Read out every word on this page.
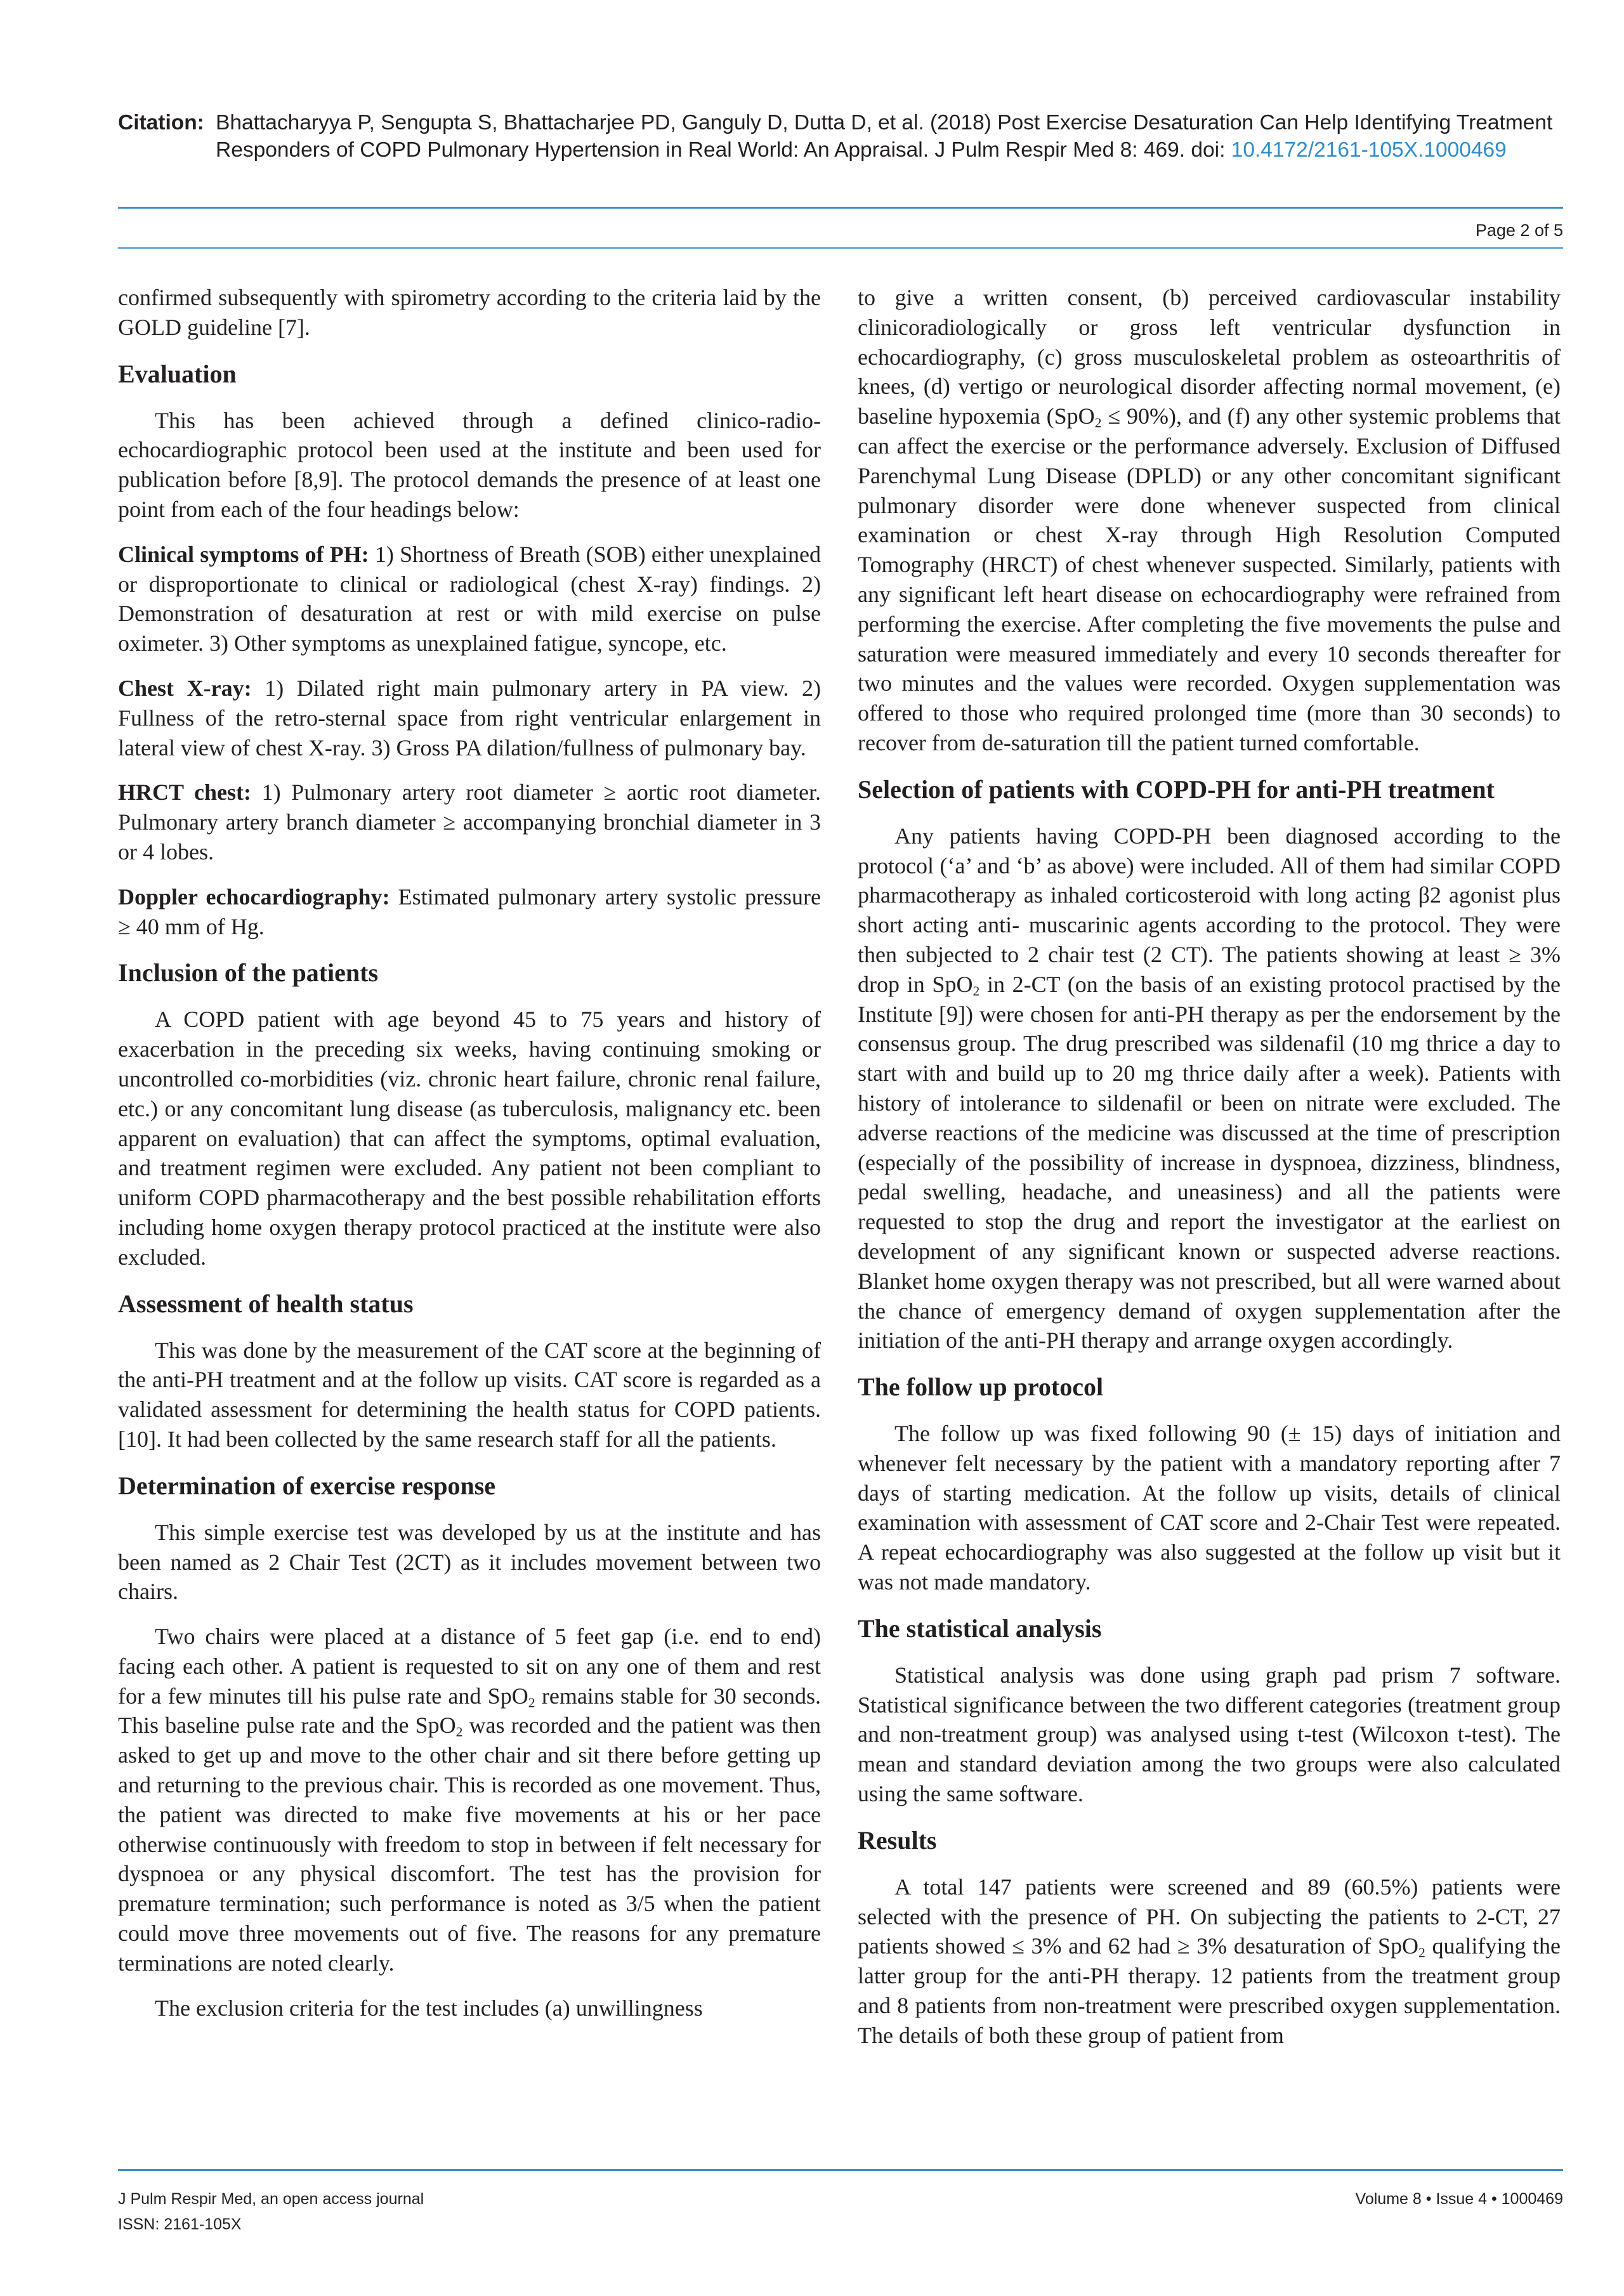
Citation: Bhattacharyya P, Sengupta S, Bhattacharjee PD, Ganguly D, Dutta D, et al. (2018) Post Exercise Desaturation Can Help Identifying Treatment Responders of COPD Pulmonary Hypertension in Real World: An Appraisal. J Pulm Respir Med 8: 469. doi: 10.4172/2161-105X.1000469
Page 2 of 5

confirmed subsequently with spirometry according to the criteria laid by the GOLD guideline [7].

Evaluation

This has been achieved through a defined clinico-radio-echocardiographic protocol been used at the institute and been used for publication before [8,9]. The protocol demands the presence of at least one point from each of the four headings below:

Clinical symptoms of PH: 1) Shortness of Breath (SOB) either unexplained or disproportionate to clinical or radiological (chest X-ray) findings. 2) Demonstration of desaturation at rest or with mild exercise on pulse oximeter. 3) Other symptoms as unexplained fatigue, syncope, etc.

Chest X-ray: 1) Dilated right main pulmonary artery in PA view. 2) Fullness of the retro-sternal space from right ventricular enlargement in lateral view of chest X-ray. 3) Gross PA dilation/fullness of pulmonary bay.

HRCT chest: 1) Pulmonary artery root diameter ≥ aortic root diameter. Pulmonary artery branch diameter ≥ accompanying bronchial diameter in 3 or 4 lobes.

Doppler echocardiography: Estimated pulmonary artery systolic pressure ≥ 40 mm of Hg.

Inclusion of the patients

A COPD patient with age beyond 45 to 75 years and history of exacerbation in the preceding six weeks, having continuing smoking or uncontrolled co-morbidities (viz. chronic heart failure, chronic renal failure, etc.) or any concomitant lung disease (as tuberculosis, malignancy etc. been apparent on evaluation) that can affect the symptoms, optimal evaluation, and treatment regimen were excluded. Any patient not been compliant to uniform COPD pharmacotherapy and the best possible rehabilitation efforts including home oxygen therapy protocol practiced at the institute were also excluded.

Assessment of health status

This was done by the measurement of the CAT score at the beginning of the anti-PH treatment and at the follow up visits. CAT score is regarded as a validated assessment for determining the health status for COPD patients. [10]. It had been collected by the same research staff for all the patients.

Determination of exercise response

This simple exercise test was developed by us at the institute and has been named as 2 Chair Test (2CT) as it includes movement between two chairs.

Two chairs were placed at a distance of 5 feet gap (i.e. end to end) facing each other. A patient is requested to sit on any one of them and rest for a few minutes till his pulse rate and SpO$_2$ remains stable for 30 seconds. This baseline pulse rate and the SpO$_2$ was recorded and the patient was then asked to get up and move to the other chair and sit there before getting up and returning to the previous chair. This is recorded as one movement. Thus, the patient was directed to make five movements at his or her pace otherwise continuously with freedom to stop in between if felt necessary for dyspnoea or any physical discomfort. The test has the provision for premature termination; such performance is noted as 3/5 when the patient could move three movements out of five. The reasons for any premature terminations are noted clearly.

The exclusion criteria for the test includes (a) unwillingness

to give a written consent, (b) perceived cardiovascular instability clinicoradiologically or gross left ventricular dysfunction in echocardiography, (c) gross musculoskeletal problem as osteoarthritis of knees, (d) vertigo or neurological disorder affecting normal movement, (e) baseline hypoxemia (SpO$_2$ ≤ 90%), and (f) any other systemic problems that can affect the exercise or the performance adversely. Exclusion of Diffused Parenchymal Lung Disease (DPLD) or any other concomitant significant pulmonary disorder were done whenever suspected from clinical examination or chest X-ray through High Resolution Computed Tomography (HRCT) of chest whenever suspected. Similarly, patients with any significant left heart disease on echocardiography were refrained from performing the exercise. After completing the five movements the pulse and saturation were measured immediately and every 10 seconds thereafter for two minutes and the values were recorded. Oxygen supplementation was offered to those who required prolonged time (more than 30 seconds) to recover from de-saturation till the patient turned comfortable.

Selection of patients with COPD-PH for anti-PH treatment

Any patients having COPD-PH been diagnosed according to the protocol (‘a’ and ‘b’ as above) were included. All of them had similar COPD pharmacotherapy as inhaled corticosteroid with long acting β2 agonist plus short acting anti- muscarinic agents according to the protocol. They were then subjected to 2 chair test (2 CT). The patients showing at least ≥ 3% drop in SpO$_2$ in 2-CT (on the basis of an existing protocol practised by the Institute [9]) were chosen for anti-PH therapy as per the endorsement by the consensus group. The drug prescribed was sildenafil (10 mg thrice a day to start with and build up to 20 mg thrice daily after a week). Patients with history of intolerance to sildenafil or been on nitrate were excluded. The adverse reactions of the medicine was discussed at the time of prescription (especially of the possibility of increase in dyspnoea, dizziness, blindness, pedal swelling, headache, and uneasiness) and all the patients were requested to stop the drug and report the investigator at the earliest on development of any significant known or suspected adverse reactions. Blanket home oxygen therapy was not prescribed, but all were warned about the chance of emergency demand of oxygen supplementation after the initiation of the anti-PH therapy and arrange oxygen accordingly.

The follow up protocol

The follow up was fixed following 90 (± 15) days of initiation and whenever felt necessary by the patient with a mandatory reporting after 7 days of starting medication. At the follow up visits, details of clinical examination with assessment of CAT score and 2-Chair Test were repeated. A repeat echocardiography was also suggested at the follow up visit but it was not made mandatory.

The statistical analysis

Statistical analysis was done using graph pad prism 7 software. Statistical significance between the two different categories (treatment group and non-treatment group) was analysed using t-test (Wilcoxon t-test). The mean and standard deviation among the two groups were also calculated using the same software.

Results

A total 147 patients were screened and 89 (60.5%) patients were selected with the presence of PH. On subjecting the patients to 2-CT, 27 patients showed ≤ 3% and 62 had ≥ 3% desaturation of SpO$_2$ qualifying the latter group for the anti-PH therapy. 12 patients from the treatment group and 8 patients from non-treatment were prescribed oxygen supplementation. The details of both these group of patient from

J Pulm Respir Med, an open access journal
ISSN: 2161-105X
Volume 8 • Issue 4 • 1000469
